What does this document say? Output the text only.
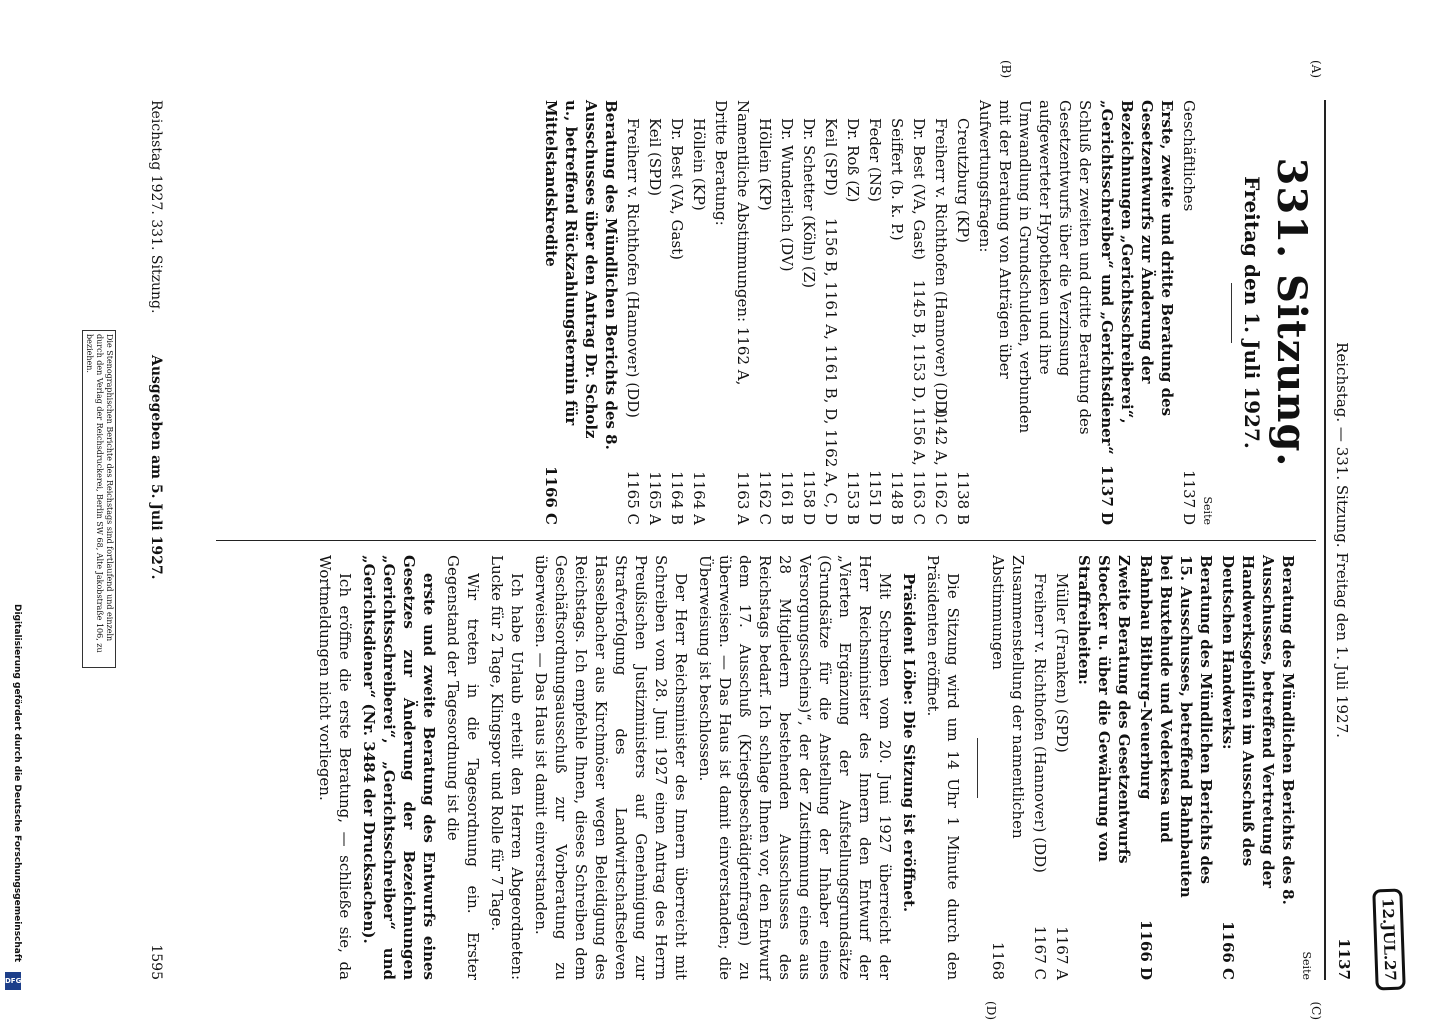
Reichstag. — 331. Sitzung. Freitag den 1. Juli 1927.
1137	12.JUL.27
(A)
(B)
(C)
(D)
331. Sitzung.
Freitag den 1. Juli 1927.
Seite
Geschäftliches
1137 D
Erste, zweite und dritte Beratung des Gesetzentwurfs zur Änderung der Bezeichnungen „Gerichtsschreiberei“, „Gerichtsschreiber“ und „Gerichtsdiener“
1137 D
Schluß der zweiten und dritte Beratung des Gesetzentwurfs über die Verzinsung aufgewerteter Hypotheken und ihre Umwandlung in Grundschulden, verbunden mit der Beratung von Anträgen über Aufwertungsfragen:
Creutzburg (KP)
1138 B
Freiherr v. Richthofen (Hannover) (DD)
1142 A, 1162 C
Dr. Best (VA, Gast)
1145 B, 1153 D, 1156 A, 1163 C
Seiffert (b. k. P.)
1148 B
Feder (NS)
1151 D
Dr. Roß (Z)
1153 B
Keil (SPD)
1156 B, 1161 A, 1161 B, D, 1162 A, C, D
Dr. Schetter (Köln) (Z)
1158 D
Dr. Wunderlich (DV)
1161 B
Höllein (KP)
1162 C
Namentliche Abstimmungen: 1162 A,
1163 A
Dritte Beratung:
Höllein (KP)
1164 A
Dr. Best (VA, Gast)
1164 B
Keil (SPD)
1165 A
Freiherr v. Richthofen (Hannover) (DD)
1165 C
Beratung des Mündlichen Berichts des 8. Ausschusses über den Antrag Dr. Scholz u., betreffend Rückzahlungstermin für Mittelstandskredite
1166 C
Seite
Beratung des Mündlichen Berichts des 8. Ausschusses, betreffend Vertretung der Handwerksgehilfen im Ausschuß des Deutschen Handwerks:
1166 C
Beratung des Mündlichen Berichts des 15. Ausschusses, betreffend Bahnbauten bei Buxtehude und Vederkesa und Bahnbau Bitburg–Neuerburg
1166 D
Zweite Beratung des Gesetzentwurfs Stoecker u. über die Gewährung von Straffreiheiten:
Müller (Franken) (SPD)
1167 A
Freiherr v. Richthofen (Hannover) (DD)
1167 C
Zusammenstellung der namentlichen Abstimmungen
1168

Die Sitzung wird um 14 Uhr 1 Minute durch den Präsidenten eröffnet.

Präsident Löbe: Die Sitzung ist eröffnet.

Mit Schreiben vom 20. Juni 1927 überreicht der Herr Reichsminister des Innern den Entwurf der „Vierten Ergänzung der Aufstellungsgrundsätze (Grundsätze für die Anstellung der Inhaber eines Versorgungsscheins)“, der der Zustimmung eines aus 28 Mitgliedern bestehenden Ausschusses des Reichstags bedarf. Ich schlage Ihnen vor, den Entwurf dem 17. Ausschuß (Kriegsbeschädigtenfragen) zu überweisen. — Das Haus ist damit einverstanden; die Überweisung ist beschlossen.

Der Herr Reichsminister des Innern überreicht mit Schreiben vom 28. Juni 1927 einen Antrag des Herrn Preußischen Justizministers auf Genehmigung zur Strafverfolgung des Landwirtschaftseleven Hasselbacher aus Kirchmöser wegen Beleidigung des Reichstags. Ich empfehle Ihnen, dieses Schreiben dem Geschäftsordnungsausschuß zur Vorberatung zu überweisen. — Das Haus ist damit einverstanden.

Ich habe Urlaub erteilt den Herren Abgeordneten: Lucke für 2 Tage, Klingspor und Rolle für 7 Tage.

Wir treten in die Tagesordnung ein. Erster Gegenstand der Tagesordnung ist die

erste und zweite Beratung des Entwurfs eines Gesetzes zur Änderung der Bezeichnungen „Gerichtsschreiberei“, „Gerichtsschreiber“ und „Gerichtsdiener“ (Nr. 3484 der Drucksachen).

Ich eröffne die erste Beratung, — schließe sie, da Wortmeldungen nicht vorliegen.

Reichstag 1927. 331. Sitzung.
Ausgegeben am 5. Juli 1927.
1595
Die Stenographischen Berichte des Reichstags sind fortlaufend und einzeln durch den Verlag der Reichsdruckerei, Berlin SW 68, Alte Jakobstraße 106, zu beziehen.
Digitalisierung gefördert durch die Deutsche Forschungsgemeinschaft
DFG
